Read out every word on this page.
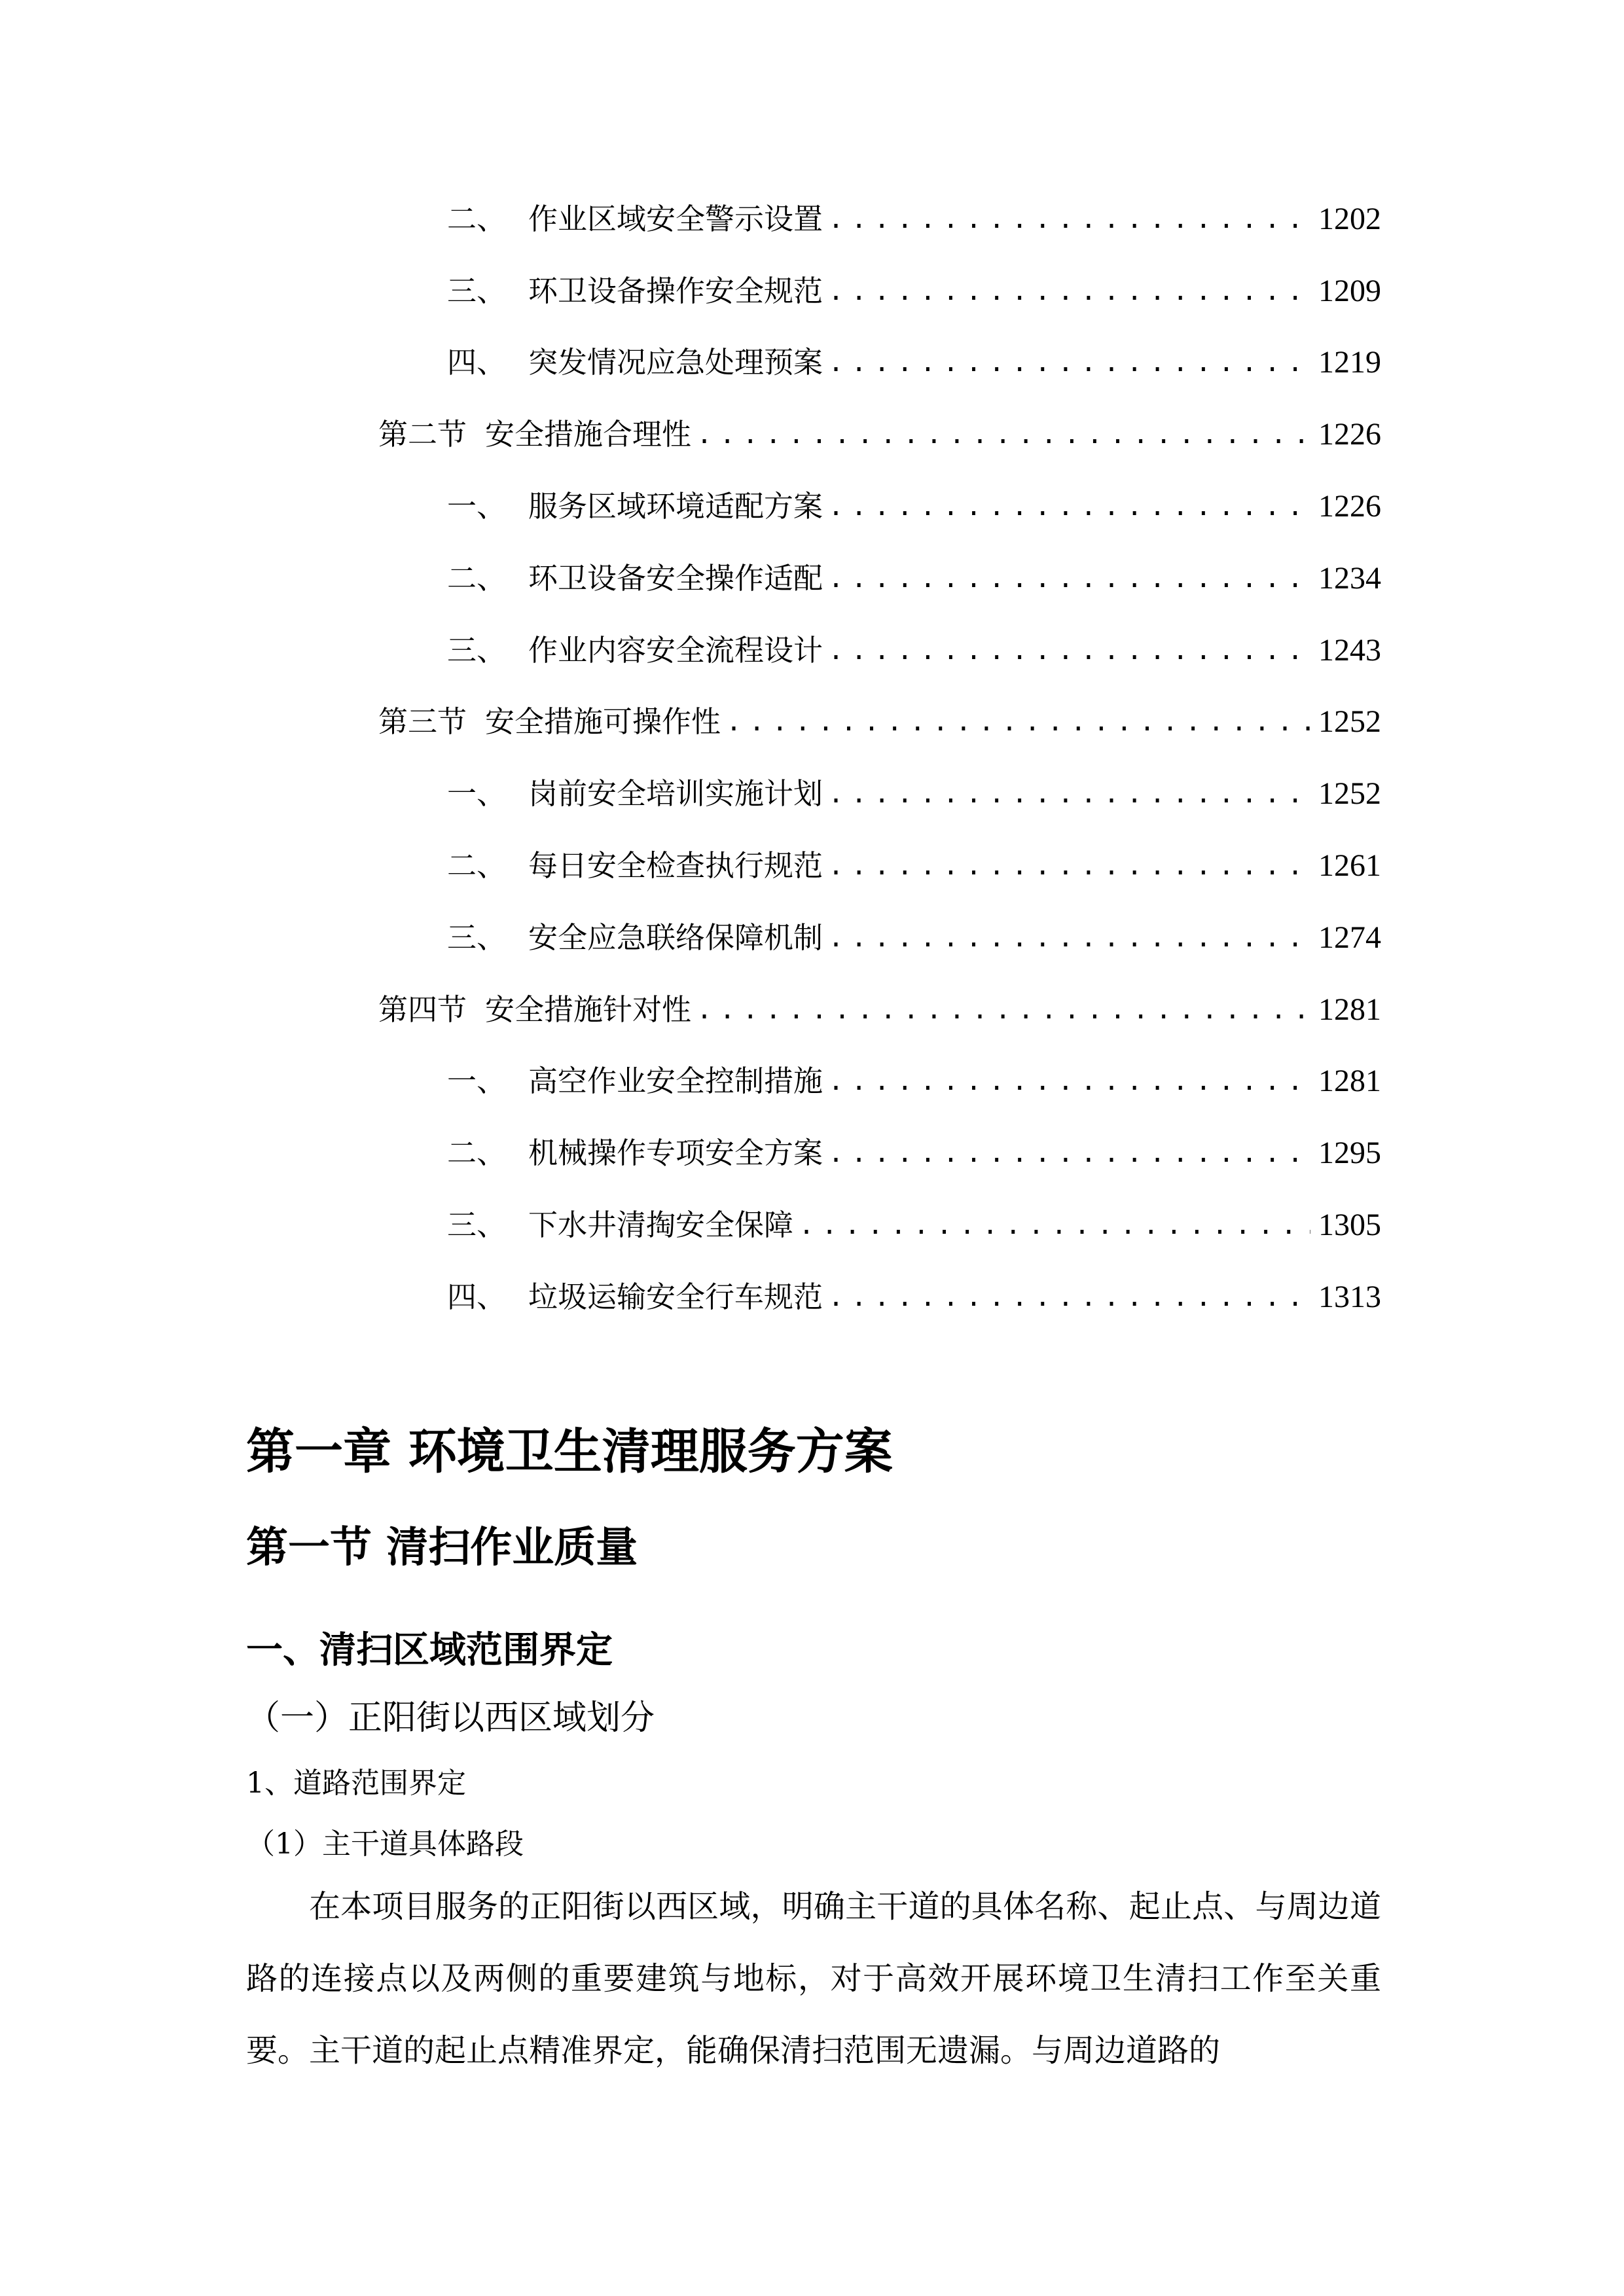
二、 作业区域安全警示设置 .....	1202
三、 环卫设备操作安全规范 .....	1209
四、 突发情况应急处理预案 .....	1219
第二节 安全措施合理性 .....	1226
一、 服务区域环境适配方案 .....	1226
二、 环卫设备安全操作适配 .....	1234
三、 作业内容安全流程设计 .....	1243
第三节 安全措施可操作性 .....	1252
一、 岗前安全培训实施计划 .....	1252
二、 每日安全检查执行规范 .....	1261
三、 安全应急联络保障机制 .....	1274
第四节 安全措施针对性 .....	1281
一、 高空作业安全控制措施 .....	1281
二、 机械操作专项安全方案 .....	1295
三、 下水井清掏安全保障 .....	1305
四、 垃圾运输安全行车规范 .....	1313
第一章 环境卫生清理服务方案
第一节 清扫作业质量
一、清扫区域范围界定
（一）正阳街以西区域划分
1、道路范围界定
（1）主干道具体路段

在本项目服务的正阳街以西区域，明确主干道的具体名称、起止点、与周边道路的连接点以及两侧的重要建筑与地标，对于高效开展环境卫生清扫工作至关重要。主干道的起止点精准界定，能确保清扫范围无遗漏。与周边道路的
